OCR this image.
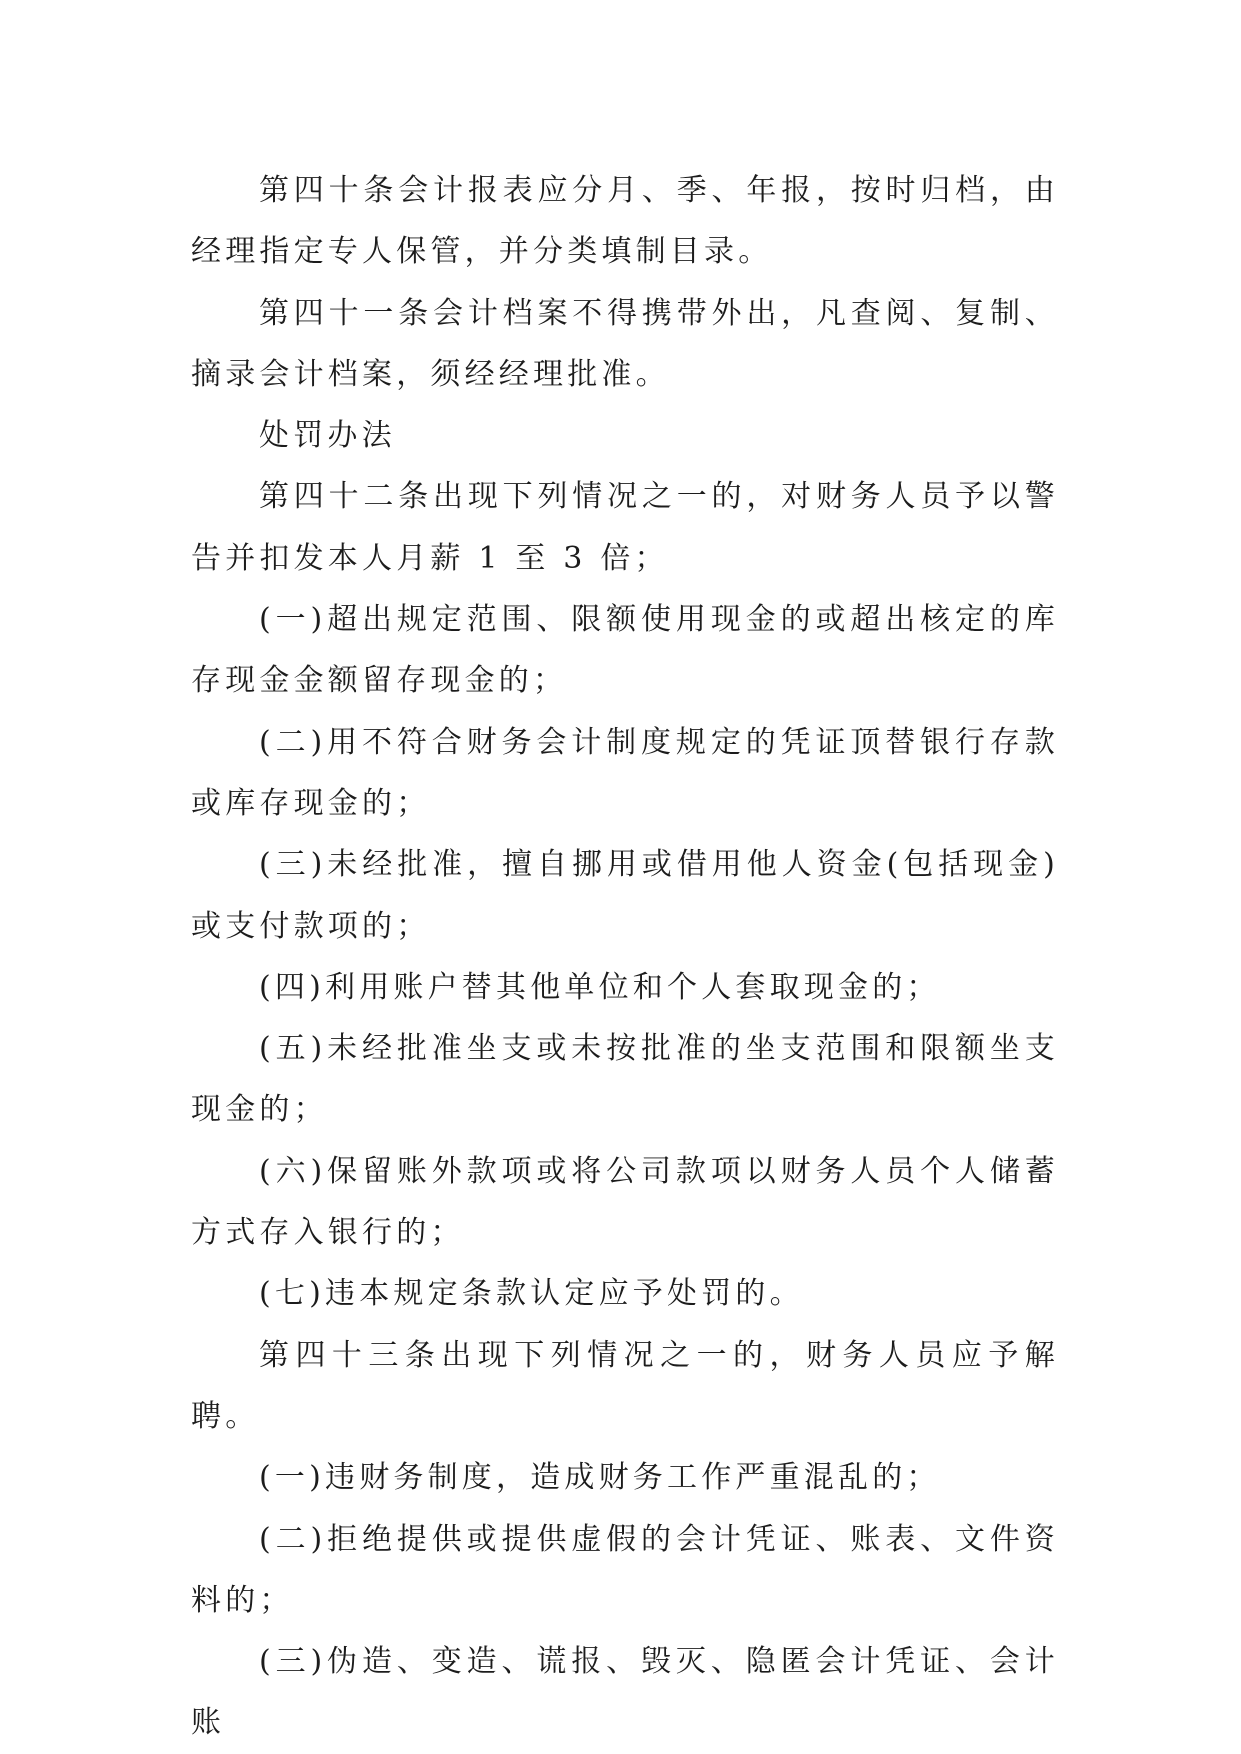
第四十条会计报表应分月、季、年报，按时归档，由经理指定专人保管，并分类填制目录。

第四十一条会计档案不得携带外出，凡查阅、复制、摘录会计档案，须经经理批准。

处罚办法

第四十二条出现下列情况之一的，对财务人员予以警告并扣发本人月薪 1 至 3 倍；

(一)超出规定范围、限额使用现金的或超出核定的库存现金金额留存现金的；

(二)用不符合财务会计制度规定的凭证顶替银行存款或库存现金的；

(三)未经批准，擅自挪用或借用他人资金(包括现金)或支付款项的；

(四)利用账户替其他单位和个人套取现金的；

(五)未经批准坐支或未按批准的坐支范围和限额坐支现金的；

(六)保留账外款项或将公司款项以财务人员个人储蓄方式存入银行的；

(七)违本规定条款认定应予处罚的。

第四十三条出现下列情况之一的，财务人员应予解聘。

(一)违财务制度，造成财务工作严重混乱的；

(二)拒绝提供或提供虚假的会计凭证、账表、文件资料的；

(三)伪造、变造、谎报、毁灭、隐匿会计凭证、会计账
